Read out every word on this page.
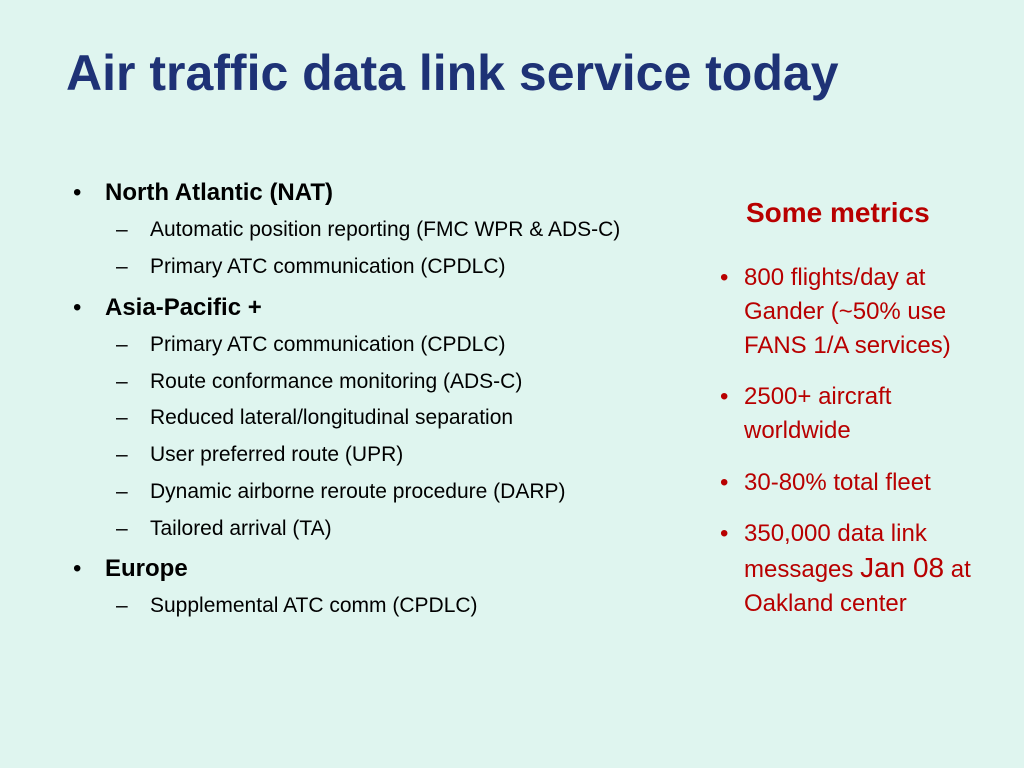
Air traffic data link service today
• North Atlantic (NAT)
– Automatic position reporting (FMC WPR & ADS-C)
– Primary ATC communication (CPDLC)
• Asia-Pacific +
– Primary ATC communication (CPDLC)
– Route conformance monitoring (ADS-C)
– Reduced lateral/longitudinal separation
– User preferred route (UPR)
– Dynamic airborne reroute procedure (DARP)
– Tailored arrival (TA)
• Europe
– Supplemental ATC comm (CPDLC)
Some metrics
• 800 flights/day at Gander (~50% use FANS 1/A services)
• 2500+ aircraft worldwide
• 30-80% total fleet
• 350,000 data link messages Jan 08 at Oakland center
